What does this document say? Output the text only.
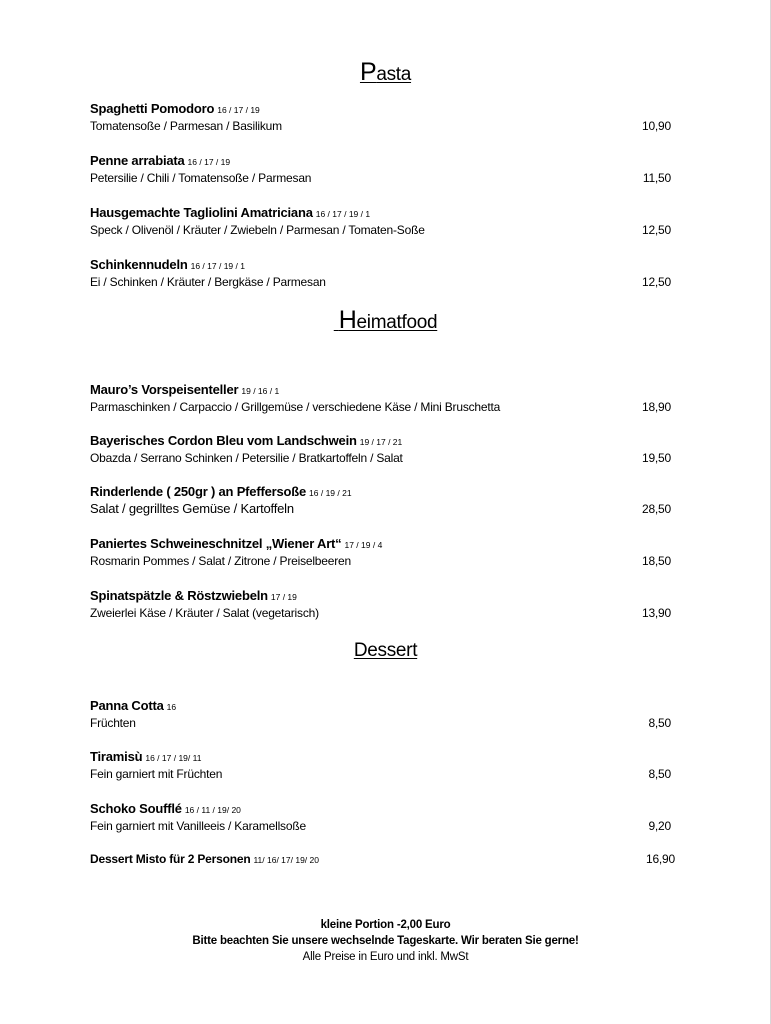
Pasta
Spaghetti Pomodoro 16 / 17 / 19
Tomatensoße / Parmesan / Basilikum	10,90
Penne arrabiata 16 / 17 / 19
Petersilie / Chili / Tomatensoße / Parmesan	11,50
Hausgemachte Tagliolini Amatriciana 16 / 17 / 19 / 1
Speck / Olivenöl / Kräuter / Zwiebeln / Parmesan / Tomaten-Soße	12,50
Schinkennudeln 16 / 17 / 19 / 1
Ei / Schinken / Kräuter / Bergkäse / Parmesan	12,50
Heimatfood
Mauro’s Vorspeisenteller 19 / 16 / 1
Parmaschinken / Carpaccio / Grillgemüse / verschiedene Käse / Mini Bruschetta	18,90
Bayerisches Cordon Bleu vom Landschwein 19 / 17 / 21
Obazda / Serrano Schinken / Petersilie / Bratkartoffeln / Salat	19,50
Rinderlende ( 250gr ) an Pfeffersoße 16 / 19 / 21
Salat / gegrilltes Gemüse / Kartoffeln	28,50
Paniertes Schweineschnitzel „Wiener Art“ 17 / 19 / 4
Rosmarin Pommes / Salat / Zitrone / Preiselbeeren	18,50
Spinatspätzle & Röstzwiebeln 17 / 19
Zweierlei Käse / Kräuter / Salat (vegetarisch)	13,90
Dessert
Panna Cotta 16
Früchten	8,50
Tiramisù 16 / 17 / 19/ 11
Fein garniert mit Früchten	8,50
Schoko Soufflé 16 / 11 / 19/ 20
Fein garniert mit Vanilleeis / Karamellsoße	9,20
Dessert Misto für 2 Personen 11/ 16/ 17/ 19/ 20	16,90
kleine Portion -2,00 Euro
Bitte beachten Sie unsere wechselnde Tageskarte. Wir beraten Sie gerne!
Alle Preise in Euro und inkl. MwSt
